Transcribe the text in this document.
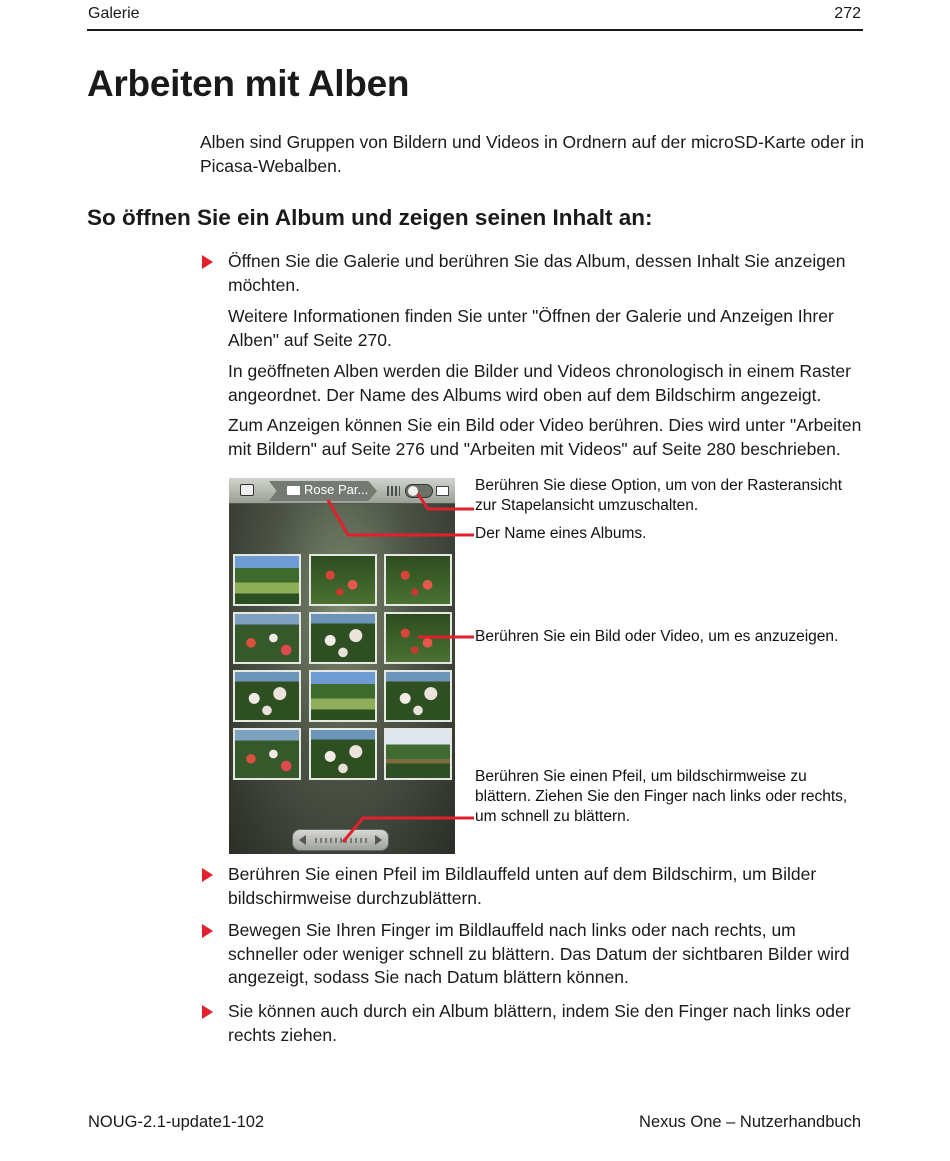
Galerie	272
Arbeiten mit Alben

Alben sind Gruppen von Bildern und Videos in Ordnern auf der microSD-Karte oder in Picasa-Webalben.

So öffnen Sie ein Album und zeigen seinen Inhalt an:

Öffnen Sie die Galerie und berühren Sie das Album, dessen Inhalt Sie anzeigen möchten.

Weitere Informationen finden Sie unter "Öffnen der Galerie und Anzeigen Ihrer Alben" auf Seite 270.

In geöffneten Alben werden die Bilder und Videos chronologisch in einem Raster angeordnet. Der Name des Albums wird oben auf dem Bildschirm angezeigt.

Zum Anzeigen können Sie ein Bild oder Video berühren. Dies wird unter "Arbeiten mit Bildern" auf Seite 276 und "Arbeiten mit Videos" auf Seite 280 beschrieben.

Rose Par...	Berühren Sie diese Option, um von der Rasteransicht zur Stapelansicht umzuschalten.

Der Name eines Albums.

Berühren Sie ein Bild oder Video, um es anzuzeigen.

Berühren Sie einen Pfeil, um bildschirmweise zu blättern. Ziehen Sie den Finger nach links oder rechts, um schnell zu blättern.

Berühren Sie einen Pfeil im Bildlauffeld unten auf dem Bildschirm, um Bilder bildschirmweise durchzublättern.

Bewegen Sie Ihren Finger im Bildlauffeld nach links oder nach rechts, um schneller oder weniger schnell zu blättern. Das Datum der sichtbaren Bilder wird angezeigt, sodass Sie nach Datum blättern können.

Sie können auch durch ein Album blättern, indem Sie den Finger nach links oder rechts ziehen.

NOUG-2.1-update1-102	Nexus One – Nutzerhandbuch
